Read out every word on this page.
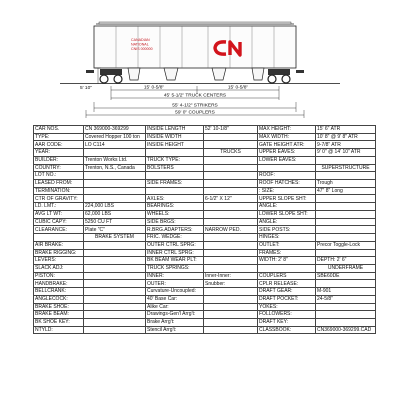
CANADIAN
NATIONAL
CNIS 000000
5' 10"	15' 0-5/8"	15' 0-5/8"
45' 5-1/2" TRUCK CENTERS
55' 4-1/2" STRIKERS
59' 0" COUPLERS
CAR NOS.	CN 369000-369299	INSIDE LENGTH	52' 10-1/8"	MAX HEIGHT:	15' 6" ATR
TYPE:	Covered Hopper 100 ton	INSIDE WIDTH		MAX WIDTH:	10' 8" @ 9' 8" ATR
AAR CODE:	LO C114	INSIDE HEIGHT		GATE HEIGHT ATR:	9-7/8" ATR
YEAR:			TRUCKS	UPPER EAVES:	9' 0" @ 14' 10" ATR
BUILDER:	Trenton Works Ltd.	TRUCK TYPE:		LOWER EAVES:	
COUNTRY:	Trenton, N.S., Canada	BOLSTERS			SUPERSTRUCTURE
LOT NO.:				ROOF:	
LEASED FROM:		SIDE FRAMES:		ROOF HATCHES:	Trough
TERMINATION:				: SIZE:	47" 8" Long
CTR OF GRAVITY:		AXLES:	6-1/2" X 12"	UPPER SLOPE SHT:	
LD. LMT.:	224,000 LBS	BEARINGS:		ANGLE:	
AVG LT WT:	62,000 LBS	WHEELS:		LOWER SLOPE SHT:	
CUBIC CAPY:	5250 CU FT	SIDE BRGS:		ANGLE:	
CLEARANCE:	Plate "C"	R.BRG.ADAPTERS:	NARROW PED.	SIDE POSTS:	
	BRAKE SYSTEM	FRIC. WEDGE:		HINGES:	
AIR BRAKE:		OUTER CTRL SPRG:		OUTLET:	Precor Toggle-Lock
BRAKE RIGGING:		INNER CTRL SPRG:		FRAMES:	
LEVERS:		BK BEAM WEAR PLT:		WIDTH: 2' 8"	DEPTH: 2' 6"
SLACK ADJ:		TRUCK SPRINGS:			UNDERFRAME
PISTON:		INNER:	Inner-Inner:	COUPLERS	SBE60DE
HANDBRAKE:		OUTER:	Snubber:	CPLR RELEASE:	
BELLCRANK:		Curvature-Uncoupled:		DRAFT GEAR:	M-901
ANGLECOCK:		40' Base Car:		DRAFT POCKET:	24-5/8"
BRAKE SHOE:		Alike Car:		YOKES:	
BRAKE BEAM:		Drawings-Gen'l Arrg't:		FOLLOWERS:	
BK SHOE KEY:		Brake Arrg't:		DRAFT KEY:	
NTYLD:		Stencil Arrg't:		CLASSBOOK:	CN369000-369299.CAD
